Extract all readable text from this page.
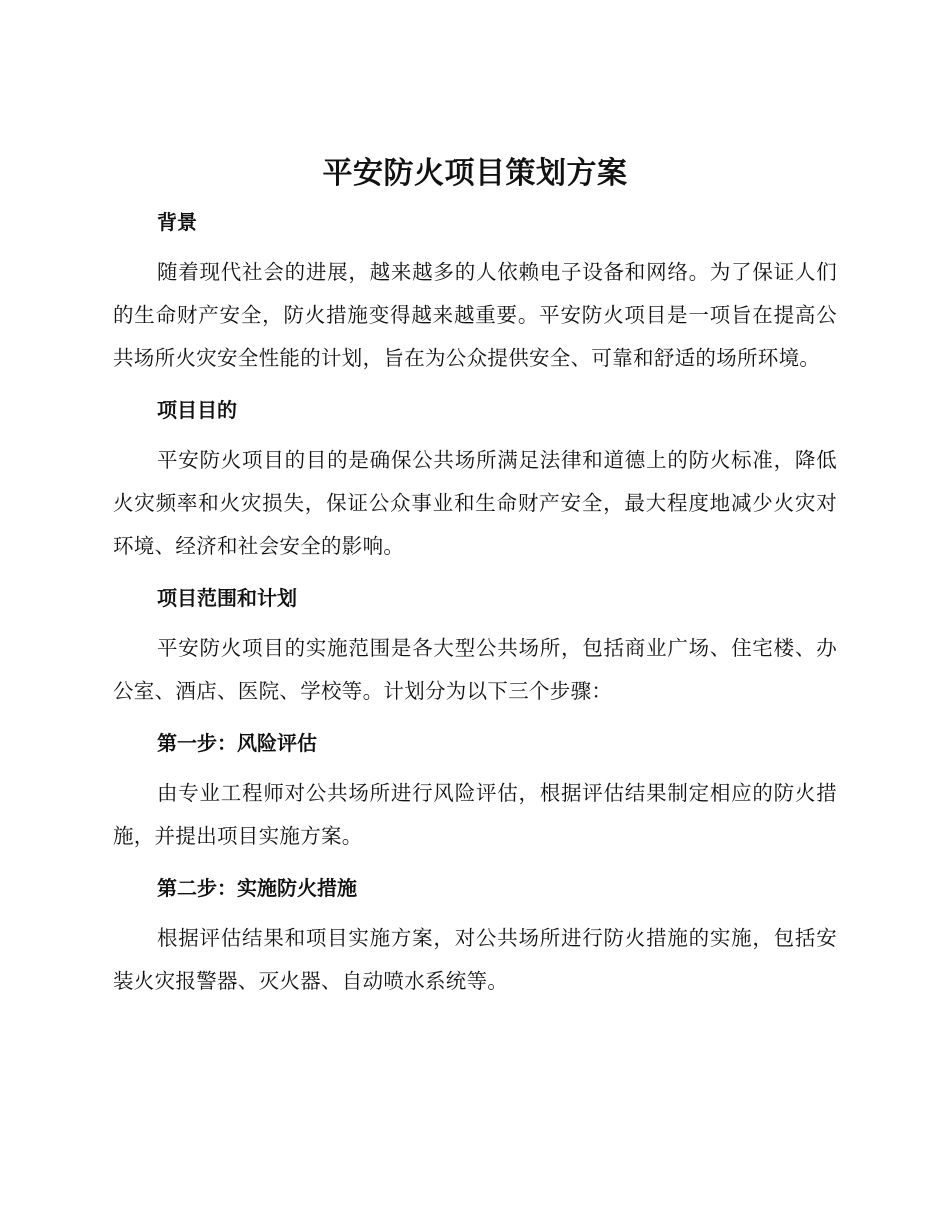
平安防火项目策划方案
背景

随着现代社会的进展，越来越多的人依赖电子设备和网络。为了保证人们的生命财产安全，防火措施变得越来越重要。平安防火项目是一项旨在提高公共场所火灾安全性能的计划，旨在为公众提供安全、可靠和舒适的场所环境。

项目目的

平安防火项目的目的是确保公共场所满足法律和道德上的防火标准，降低火灾频率和火灾损失，保证公众事业和生命财产安全，最大程度地减少火灾对环境、经济和社会安全的影响。

项目范围和计划

平安防火项目的实施范围是各大型公共场所，包括商业广场、住宅楼、办公室、酒店、医院、学校等。计划分为以下三个步骤：

第一步：风险评估

由专业工程师对公共场所进行风险评估，根据评估结果制定相应的防火措施，并提出项目实施方案。

第二步：实施防火措施

根据评估结果和项目实施方案，对公共场所进行防火措施的实施，包括安装火灾报警器、灭火器、自动喷水系统等。
